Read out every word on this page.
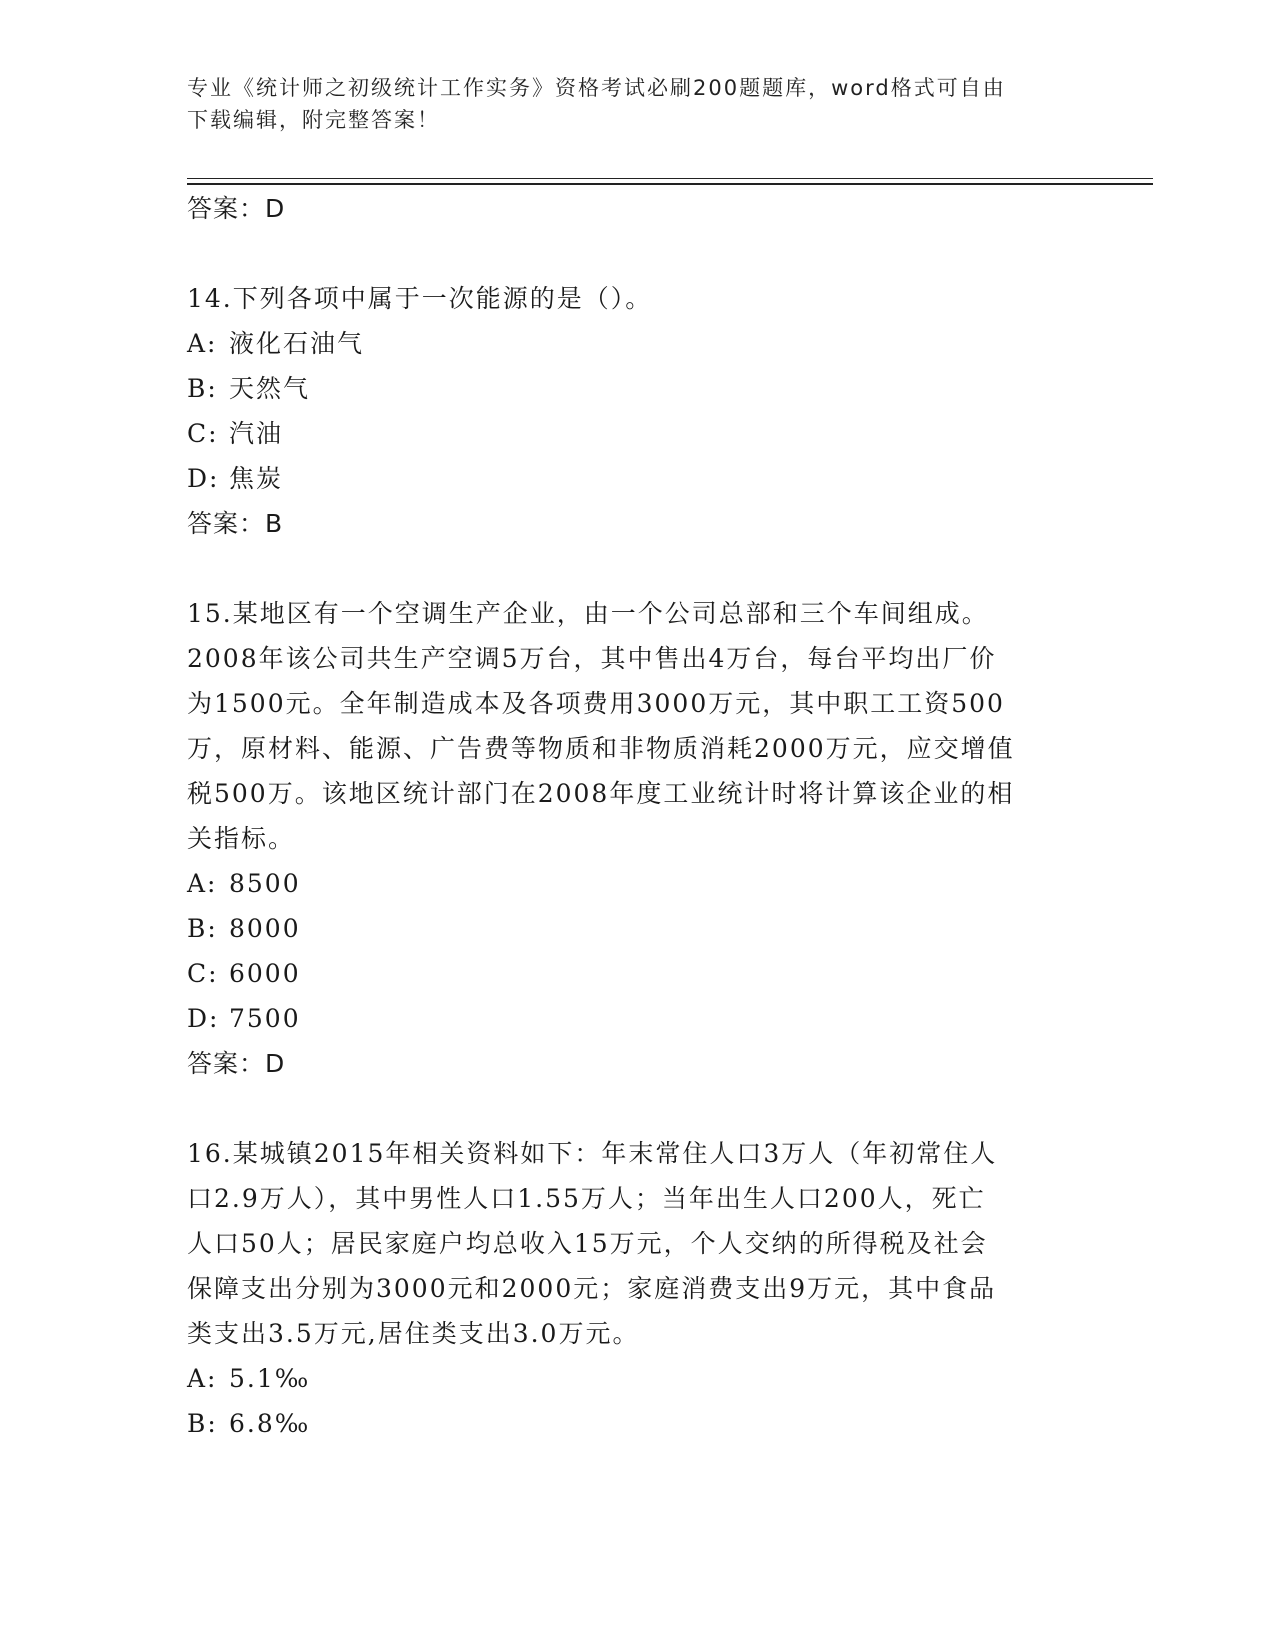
专业《统计师之初级统计工作实务》资格考试必刷200题题库，word格式可自由
下载编辑，附完整答案！
答案：D
14.下列各项中属于一次能源的是（）。
A: 液化石油气
B: 天然气
C: 汽油
D: 焦炭
答案：B
15.某地区有一个空调生产企业，由一个公司总部和三个车间组成。
2008年该公司共生产空调5万台，其中售出4万台，每台平均出厂价
为1500元。全年制造成本及各项费用3000万元，其中职工工资500
万，原材料、能源、广告费等物质和非物质消耗2000万元，应交增值
税500万。该地区统计部门在2008年度工业统计时将计算该企业的相
关指标。
A: 8500
B: 8000
C: 6000
D: 7500
答案：D
16.某城镇2015年相关资料如下：年末常住人口3万人（年初常住人
口2.9万人），其中男性人口1.55万人；当年出生人口200人，死亡
人口50人；居民家庭户均总收入15万元，个人交纳的所得税及社会
保障支出分别为3000元和2000元；家庭消费支出9万元，其中食品
类支出3.5万元,居住类支出3.0万元。
A: 5.1‰
B: 6.8‰
